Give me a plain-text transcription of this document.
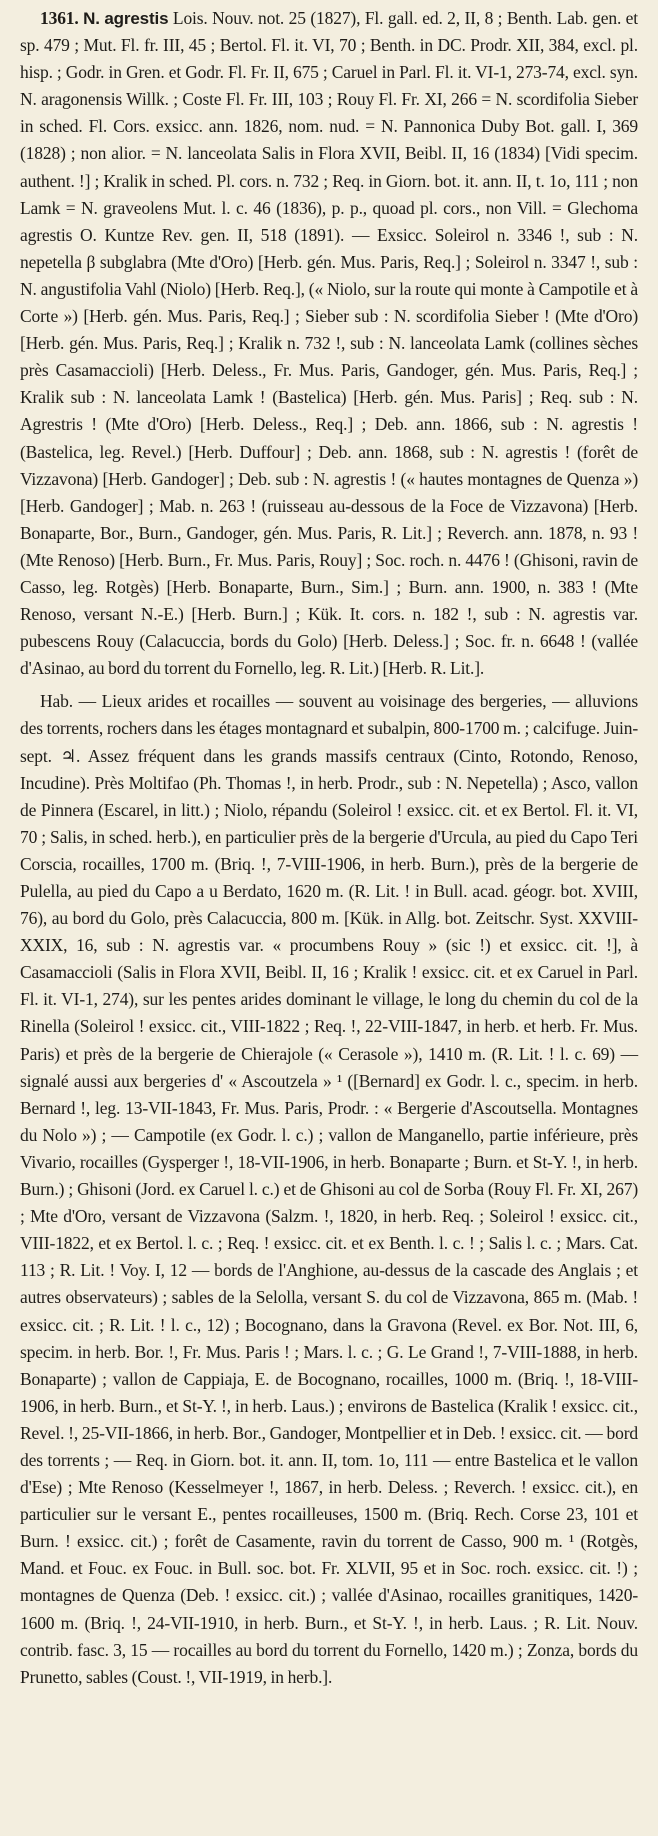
1361. N. agrestis Lois. Nouv. not. 25 (1827), Fl. gall. ed. 2, II, 8 ; Benth. Lab. gen. et sp. 479 ; Mut. Fl. fr. III, 45 ; Bertol. Fl. it. VI, 70 ; Benth. in DC. Prodr. XII, 384, excl. pl. hisp. ; Godr. in Gren. et Godr. Fl. Fr. II, 675 ; Caruel in Parl. Fl. it. VI-1, 273-74, excl. syn. N. aragonensis Willk. ; Coste Fl. Fr. III, 103 ; Rouy Fl. Fr. XI, 266 = N. scordifolia Sieber in sched. Fl. Cors. exsicc. ann. 1826, nom. nud. = N. Pannonica Duby Bot. gall. I, 369 (1828) ; non alior. = N. lanceolata Salis in Flora XVII, Beibl. II, 16 (1834) [Vidi specim. authent. !] ; Kralik in sched. Pl. cors. n. 732 ; Req. in Giorn. bot. it. ann. II, t. 1o, 111 ; non Lamk = N. graveolens Mut. l. c. 46 (1836), p. p., quoad pl. cors., non Vill. = Glechoma agrestis O. Kuntze Rev. gen. II, 518 (1891). — Exsicc. Soleirol n. 3346 !, sub : N. nepetella β subglabra (Mte d'Oro) [Herb. gén. Mus. Paris, Req.] ; Soleirol n. 3347 !, sub : N. angustifolia Vahl (Niolo) [Herb. Req.], (« Niolo, sur la route qui monte à Campotile et à Corte ») [Herb. gén. Mus. Paris, Req.] ; Sieber sub : N. scordifolia Sieber ! (Mte d'Oro) [Herb. gén. Mus. Paris, Req.] ; Kralik n. 732 !, sub : N. lanceolata Lamk (collines sèches près Casamaccioli) [Herb. Deless., Fr. Mus. Paris, Gandoger, gén. Mus. Paris, Req.] ; Kralik sub : N. lanceolata Lamk ! (Bastelica) [Herb. gén. Mus. Paris] ; Req. sub : N. Agrestris ! (Mte d'Oro) [Herb. Deless., Req.] ; Deb. ann. 1866, sub : N. agrestis ! (Bastelica, leg. Revel.) [Herb. Duffour] ; Deb. ann. 1868, sub : N. agrestis ! (forêt de Vizzavona) [Herb. Gandoger] ; Deb. sub : N. agrestis ! (« hautes montagnes de Quenza ») [Herb. Gandoger] ; Mab. n. 263 ! (ruisseau au-dessous de la Foce de Vizzavona) [Herb. Bonaparte, Bor., Burn., Gandoger, gén. Mus. Paris, R. Lit.] ; Reverch. ann. 1878, n. 93 ! (Mte Renoso) [Herb. Burn., Fr. Mus. Paris, Rouy] ; Soc. roch. n. 4476 ! (Ghisoni, ravin de Casso, leg. Rotgès) [Herb. Bonaparte, Burn., Sim.] ; Burn. ann. 1900, n. 383 ! (Mte Renoso, versant N.-E.) [Herb. Burn.] ; Kük. It. cors. n. 182 !, sub : N. agrestis var. pubescens Rouy (Calacuccia, bords du Golo) [Herb. Deless.] ; Soc. fr. n. 6648 ! (vallée d'Asinao, au bord du torrent du Fornello, leg. R. Lit.) [Herb. R. Lit.].

Hab. — Lieux arides et rocailles — souvent au voisinage des bergeries, — alluvions des torrents, rochers dans les étages montagnard et subalpin, 800-1700 m. ; calcifuge. Juin-sept. ♃. Assez fréquent dans les grands massifs centraux (Cinto, Rotondo, Renoso, Incudine). Près Moltifao (Ph. Thomas !, in herb. Prodr., sub : N. Nepetella) ; Asco, vallon de Pinnera (Escarel, in litt.) ; Niolo, répandu (Soleirol ! exsicc. cit. et ex Bertol. Fl. it. VI, 70 ; Salis, in sched. herb.), en particulier près de la bergerie d'Urcula, au pied du Capo Teri Corscia, rocailles, 1700 m. (Briq. !, 7-VIII-1906, in herb. Burn.), près de la bergerie de Pulella, au pied du Capo a u Berdato, 1620 m. (R. Lit. ! in Bull. acad. géogr. bot. XVIII, 76), au bord du Golo, près Calacuccia, 800 m. [Kük. in Allg. bot. Zeitschr. Syst. XXVIII-XXIX, 16, sub : N. agrestis var. « procumbens Rouy » (sic !) et exsicc. cit. !], à Casamaccioli (Salis in Flora XVII, Beibl. II, 16 ; Kralik ! exsicc. cit. et ex Caruel in Parl. Fl. it. VI-1, 274), sur les pentes arides dominant le village, le long du chemin du col de la Rinella (Soleirol ! exsicc. cit., VIII-1822 ; Req. !, 22-VIII-1847, in herb. et herb. Fr. Mus. Paris) et près de la bergerie de Chierajole (« Cerasole »), 1410 m. (R. Lit. ! l. c. 69) — signalé aussi aux bergeries d' « Ascoutzela » ¹ ([Bernard] ex Godr. l. c., specim. in herb. Bernard !, leg. 13-VII-1843, Fr. Mus. Paris, Prodr. : « Bergerie d'Ascoutsella. Montagnes du Nolo ») ; — Campotile (ex Godr. l. c.) ; vallon de Manganello, partie inférieure, près Vivario, rocailles (Gysperger !, 18-VII-1906, in herb. Bonaparte ; Burn. et St-Y. !, in herb. Burn.) ; Ghisoni (Jord. ex Caruel l. c.) et de Ghisoni au col de Sorba (Rouy Fl. Fr. XI, 267) ; Mte d'Oro, versant de Vizzavona (Salzm. !, 1820, in herb. Req. ; Soleirol ! exsicc. cit., VIII-1822, et ex Bertol. l. c. ; Req. ! exsicc. cit. et ex Benth. l. c. ! ; Salis l. c. ; Mars. Cat. 113 ; R. Lit. ! Voy. I, 12 — bords de l'Anghione, au-dessus de la cascade des Anglais ; et autres observateurs) ; sables de la Selolla, versant S. du col de Vizzavona, 865 m. (Mab. ! exsicc. cit. ; R. Lit. ! l. c., 12) ; Bocognano, dans la Gravona (Revel. ex Bor. Not. III, 6, specim. in herb. Bor. !, Fr. Mus. Paris ! ; Mars. l. c. ; G. Le Grand !, 7-VIII-1888, in herb. Bonaparte) ; vallon de Cappiaja, E. de Bocognano, rocailles, 1000 m. (Briq. !, 18-VIII-1906, in herb. Burn., et St-Y. !, in herb. Laus.) ; environs de Bastelica (Kralik ! exsicc. cit., Revel. !, 25-VII-1866, in herb. Bor., Gandoger, Montpellier et in Deb. ! exsicc. cit. — bord des torrents ; — Req. in Giorn. bot. it. ann. II, tom. 1o, 111 — entre Bastelica et le vallon d'Ese) ; Mte Renoso (Kesselmeyer !, 1867, in herb. Deless. ; Reverch. ! exsicc. cit.), en particulier sur le versant E., pentes rocailleuses, 1500 m. (Briq. Rech. Corse 23, 101 et Burn. ! exsicc. cit.) ; forêt de Casamente, ravin du torrent de Casso, 900 m. ¹ (Rotgès, Mand. et Fouc. ex Fouc. in Bull. soc. bot. Fr. XLVII, 95 et in Soc. roch. exsicc. cit. !) ; montagnes de Quenza (Deb. ! exsicc. cit.) ; vallée d'Asinao, rocailles granitiques, 1420-1600 m. (Briq. !, 24-VII-1910, in herb. Burn., et St-Y. !, in herb. Laus. ; R. Lit. Nouv. contrib. fasc. 3, 15 — rocailles au bord du torrent du Fornello, 1420 m.) ; Zonza, bords du Prunetto, sables (Coust. !, VII-1919, in herb.].
